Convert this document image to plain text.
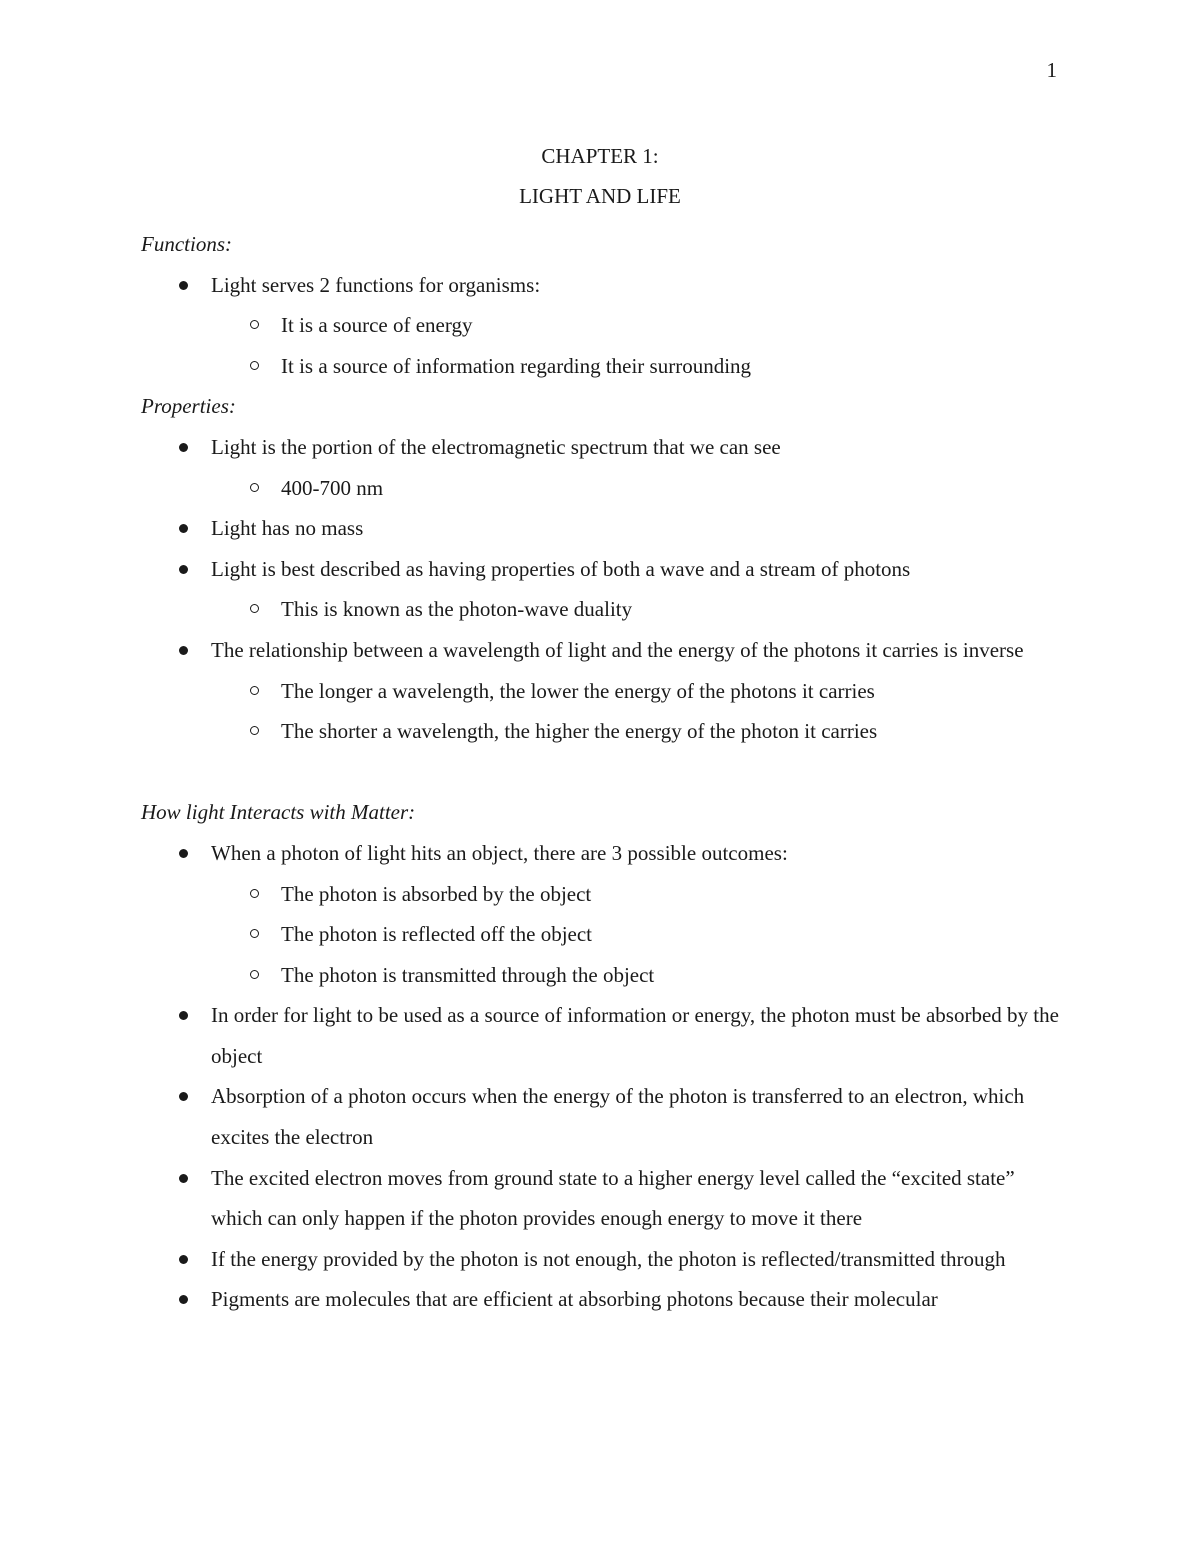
1
CHAPTER 1:
LIGHT AND LIFE
Functions:
Light serves 2 functions for organisms:
It is a source of energy
It is a source of information regarding their surrounding
Properties:
Light is the portion of the electromagnetic spectrum that we can see
400-700 nm
Light has no mass
Light is best described as having properties of both a wave and a stream of photons
This is known as the photon-wave duality
The relationship between a wavelength of light and the energy of the photons it carries is inverse
The longer a wavelength, the lower the energy of the photons it carries
The shorter a wavelength, the higher the energy of the photon it carries
How light Interacts with Matter:
When a photon of light hits an object, there are 3 possible outcomes:
The photon is absorbed by the object
The photon is reflected off the object
The photon is transmitted through the object
In order for light to be used as a source of information or energy, the photon must be absorbed by the object
Absorption of a photon occurs when the energy of the photon is transferred to an electron, which excites the electron
The excited electron moves from ground state to a higher energy level called the “excited state” which can only happen if the photon provides enough energy to move it there
If the energy provided by the photon is not enough, the photon is reflected/transmitted through
Pigments are molecules that are efficient at absorbing photons because their molecular
